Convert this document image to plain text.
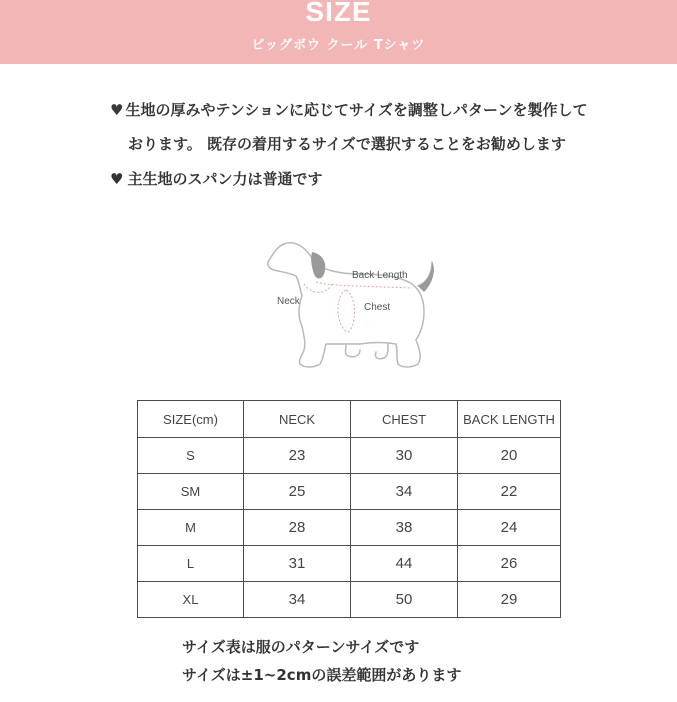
SIZE
ビッグボウ クール Tシャツ
♥ 生地の厚みやテンションに応じてサイズを調整しパターンを製作して
おります。 既存の着用するサイズで選択することをお勧めします
♥ 主生地のスパン力は普通です
Back Length
Neck
Chest
SIZE(cm)	NECK	CHEST	BACK LENGTH
S	23	30	20
SM	25	34	22
M	28	38	24
L	31	44	26
XL	34	50	29
サイズ表は服のパターンサイズです
サイズは±1~2cmの誤差範囲があります
